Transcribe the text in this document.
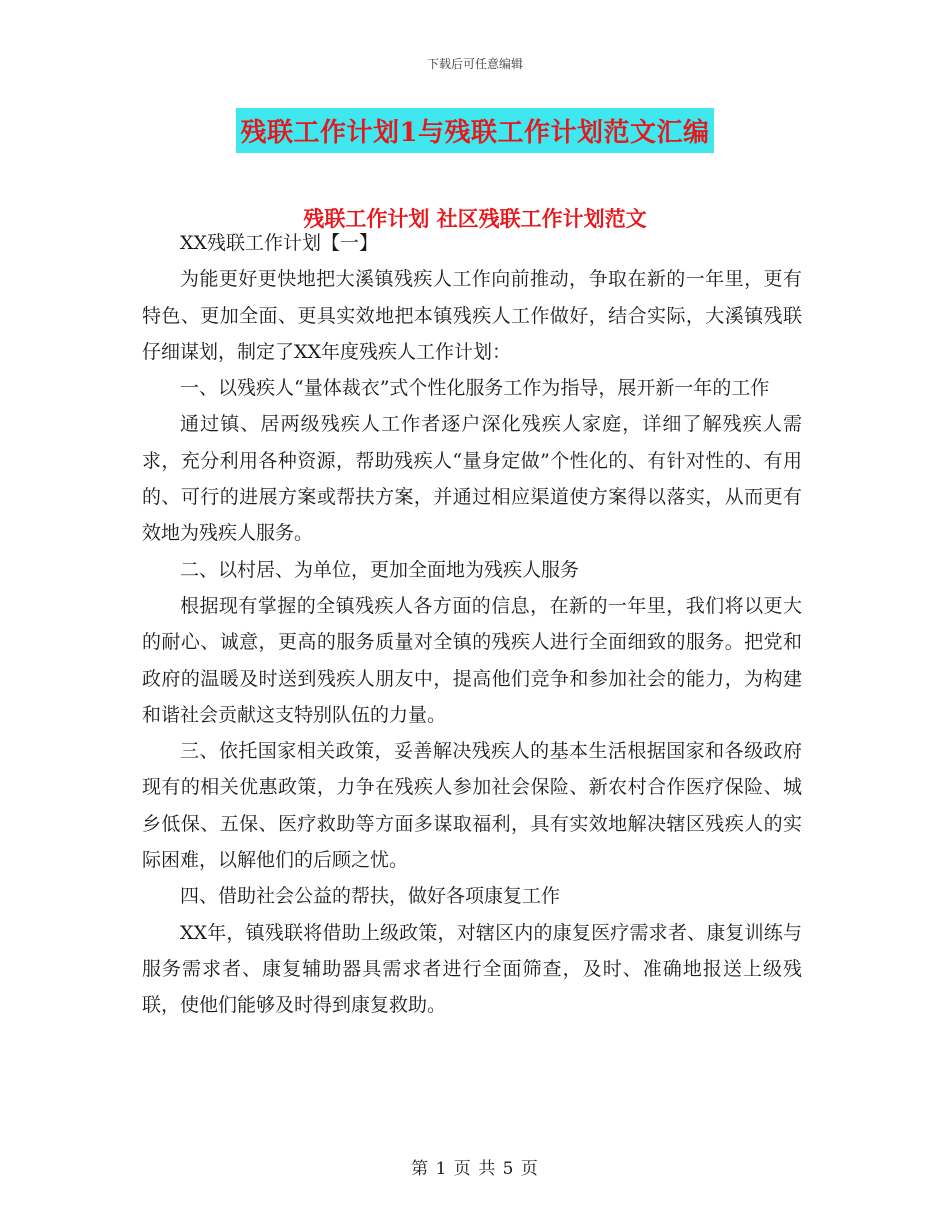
下载后可任意编辑
残联工作计划1与残联工作计划范文汇编
残联工作计划 社区残联工作计划范文

XX残联工作计划【一】

为能更好更快地把大溪镇残疾人工作向前推动，争取在新的一年里，更有特色、更加全面、更具实效地把本镇残疾人工作做好，结合实际，大溪镇残联仔细谋划，制定了XX年度残疾人工作计划：

一、以残疾人“量体裁衣”式个性化服务工作为指导，展开新一年的工作

通过镇、居两级残疾人工作者逐户深化残疾人家庭，详细了解残疾人需求，充分利用各种资源，帮助残疾人“量身定做”个性化的、有针对性的、有用的、可行的进展方案或帮扶方案，并通过相应渠道使方案得以落实，从而更有效地为残疾人服务。

二、以村居、为单位，更加全面地为残疾人服务

根据现有掌握的全镇残疾人各方面的信息，在新的一年里，我们将以更大的耐心、诚意，更高的服务质量对全镇的残疾人进行全面细致的服务。把党和政府的温暖及时送到残疾人朋友中，提高他们竞争和参加社会的能力，为构建和谐社会贡献这支特别队伍的力量。

三、依托国家相关政策，妥善解决残疾人的基本生活根据国家和各级政府现有的相关优惠政策，力争在残疾人参加社会保险、新农村合作医疗保险、城乡低保、五保、医疗救助等方面多谋取福利，具有实效地解决辖区残疾人的实际困难，以解他们的后顾之忧。

四、借助社会公益的帮扶，做好各项康复工作

XX年，镇残联将借助上级政策，对辖区内的康复医疗需求者、康复训练与服务需求者、康复辅助器具需求者进行全面筛查，及时、准确地报送上级残联，使他们能够及时得到康复救助。

第 1 页 共 5 页
